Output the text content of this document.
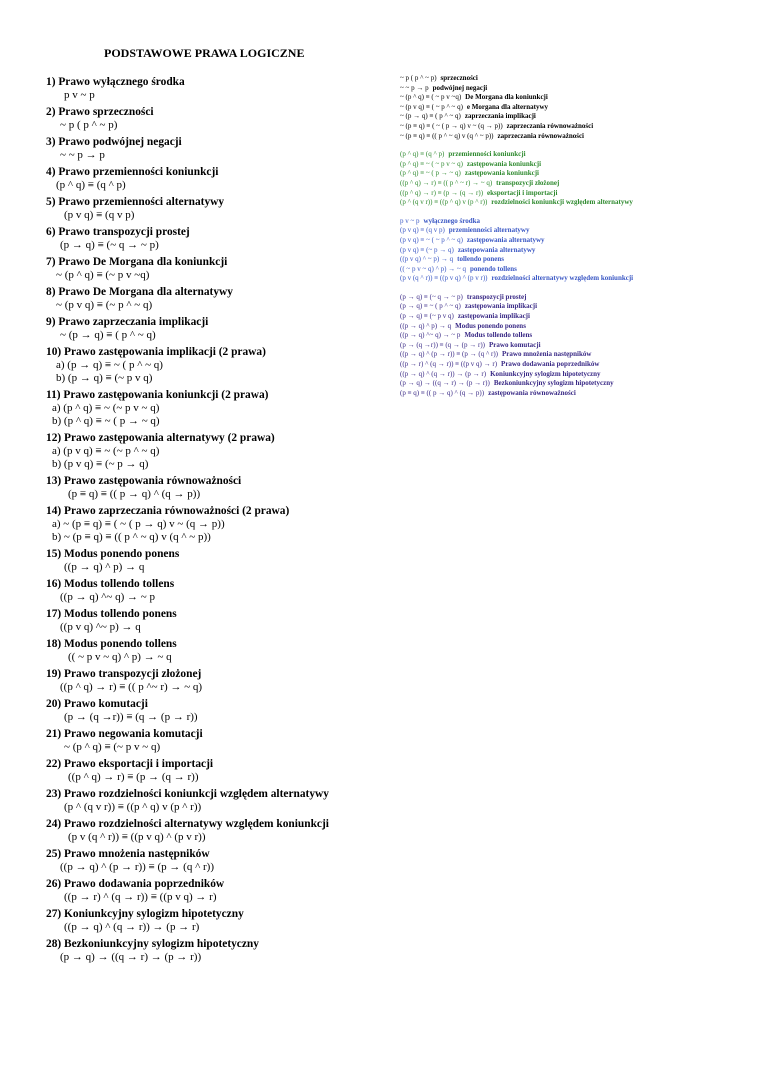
PODSTAWOWE PRAWA LOGICZNE
1) Prawo wyłącznego środka
p v ~ p
2) Prawo sprzeczności
~ p ( p ^ ~ p)
3) Prawo podwójnej negacji
~ ~ p → p
4) Prawo przemienności koniunkcji
(p ^ q) ≡ (q ^ p)
5) Prawo przemienności alternatywy
(p v q) ≡ (q v p)
6) Prawo transpozycji prostej
(p → q) ≡ (~ q → ~ p)
7) Prawo De Morgana dla koniunkcji
~ (p ^ q) ≡ (~ p v ~q)
8) Prawo De Morgana dla alternatywy
~ (p v q) ≡ (~ p ^ ~ q)
9) Prawo zaprzeczania implikacji
~ (p → q) ≡ ( p ^ ~ q)
10) Prawo zastępowania implikacji (2 prawa)
a) (p → q) ≡ ~ ( p ^ ~ q)
b) (p → q) ≡ (~ p v q)
11) Prawo zastępowania koniunkcji (2 prawa)
a) (p ^ q) ≡ ~ (~ p v ~ q)
b) (p ^ q) ≡ ~ ( p → ~ q)
12) Prawo zastępowania alternatywy (2 prawa)
a) (p v q) ≡ ~ (~ p ^ ~ q)
b) (p v q) ≡ (~ p → q)
13) Prawo zastępowania równoważności
(p ≡ q) ≡ (( p → q) ^ (q → p))
14) Prawo zaprzeczania równoważności (2 prawa)
a) ~ (p ≡ q) ≡ ( ~ ( p → q) v ~ (q → p))
b) ~ (p ≡ q) ≡ (( p ^ ~ q) v (q ^ ~ p))
15) Modus ponendo ponens
((p → q) ^ p) → q
16) Modus tollendo tollens
((p → q) ^~ q) → ~ p
17) Modus tollendo ponens
((p v q) ^~ p) → q
18) Modus ponendo tollens
(( ~ p v ~ q) ^ p) → ~ q
19) Prawo transpozycji złożonej
((p ^ q) → r) ≡ (( p ^~ r) → ~ q)
20) Prawo komutacji
(p → (q →r)) ≡ (q → (p → r))
21) Prawo negowania komutacji
~ (p ^ q) ≡ (~ p v ~ q)
22) Prawo eksportacji i importacji
((p ^ q) → r) ≡ (p → (q → r))
23) Prawo rozdzielności koniunkcji względem alternatywy
(p ^ (q v r)) ≡ ((p ^ q) v (p ^ r))
24) Prawo rozdzielności alternatywy względem koniunkcji
(p v (q ^ r)) ≡ ((p v q) ^ (p v r))
25) Prawo mnożenia następników
((p → q) ^ (p → r)) ≡ (p → (q ^ r))
26) Prawo dodawania poprzedników
((p → r) ^ (q → r)) ≡ ((p v q) → r)
27) Koniunkcyjny sylogizm hipotetyczny
((p → q) ^ (q → r)) → (p → r)
28) Bezkoniunkcyjny sylogizm hipotetyczny
(p → q) → ((q → r) → (p → r))
~ p ( p ^ ~ p) sprzeczności
~ ~ p → p podwójnej negacji
~ (p ^ q) ≡ ( ~ p v ~q) De Morgana dla koniunkcji
~ (p v q) ≡ ( ~ p ^ ~ q) e Morgana dla alternatywy
~ (p → q) ≡ ( p ^ ~ q) zaprzeczania implikacji
~ (p ≡ q) ≡ ( ~ ( p → q) v ~ (q → p)) zaprzeczania równoważności
~ (p ≡ q) ≡ (( p ^ ~ q) v (q ^ ~ p)) zaprzeczania równoważności
(p ^ q) ≡ (q ^ p) przemienności koniunkcji
(p ^ q) ≡ ~ ( ~ p v ~ q) zastępowania koniunkcji
(p ^ q) ≡ ~ ( p → ~ q) zastępowania koniunkcji
((p ^ q) → r) ≡ (( p ^ ~ r) → ~ q) transpozycji złożonej
((p ^ q) → r) ≡ (p → (q → r)) eksportacji i importacji
(p ^ (q v r)) ≡ ((p ^ q) v (p ^ r)) rozdzielności koniunkcji względem alternatywy
p v ~ p wyłącznego środka
(p v q) ≡ (q v p) przemienności alternatywy
(p v q) ≡ ~ ( ~ p ^ ~ q) zastępowania alternatywy
(p v q) ≡ (~ p → q) zastępowania alternatywy
((p v q) ^ ~ p) → q tollendo ponens
(( ~ p v ~ q) ^ p) → ~ q ponendo tollens
(p v (q ^ r)) ≡ ((p v q) ^ (p v r)) rozdzielności alternatywy względem koniunkcji
(p → q) ≡ (~ q → ~ p) transpozycji prostej
(p → q) ≡ ~ ( p ^ ~ q) zastępowania implikacji
(p → q) ≡ (~ p v q) zastępowania implikacji
((p → q) ^ p) → q Modus ponendo ponens
((p → q) ^~ q) → ~ p Modus tollendo tollens
(p → (q →r)) ≡ (q → (p → r)) Prawo komutacji
((p → q) ^ (p → r)) ≡ (p → (q ^ r)) Prawo mnożenia następników
((p → r) ^ (q → r)) ≡ ((p v q) → r) Prawo dodawania poprzedników
((p → q) ^ (q → r)) → (p → r) Koniunkcyjny sylogizm hipotetyczny
(p → q) → ((q → r) → (p → r)) Bezkoniunkcyjny sylogizm hipotetyczny
(p ≡ q) ≡ (( p → q) ^ (q → p)) zastępowania równoważności
